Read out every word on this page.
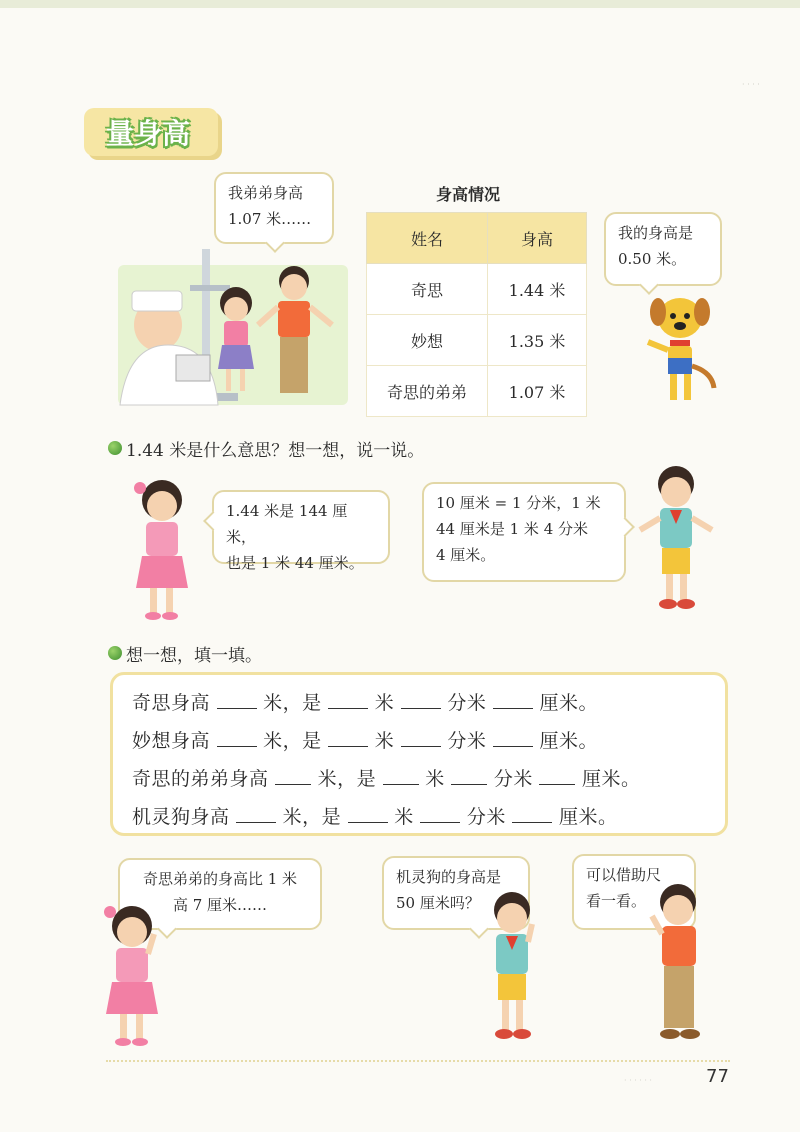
· · · ·
量身高
我弟弟身高
1.07 米……
身高情况
姓名	身高
奇思	1.44 米
妙想	1.35 米
奇思的弟弟	1.07 米
我的身高是
0.50 米。
1.44 米是什么意思？想一想，说一说。
1.44 米是 144 厘米，
也是 1 米 44 厘米。
10 厘米 = 1 分米，1 米
44 厘米是 1 米 4 分米
4 厘米。
想一想，填一填。
奇思身高	米，是	米	分米	厘米。
妙想身高	米，是	米	分米	厘米。
奇思的弟弟身高	米，是	米	分米	厘米。
机灵狗身高	米，是	米	分米	厘米。
奇思弟弟的身高比 1 米
高 7 厘米……
机灵狗的身高是
50 厘米吗？
可以借助尺
看一看。
· · · · · ·	77
